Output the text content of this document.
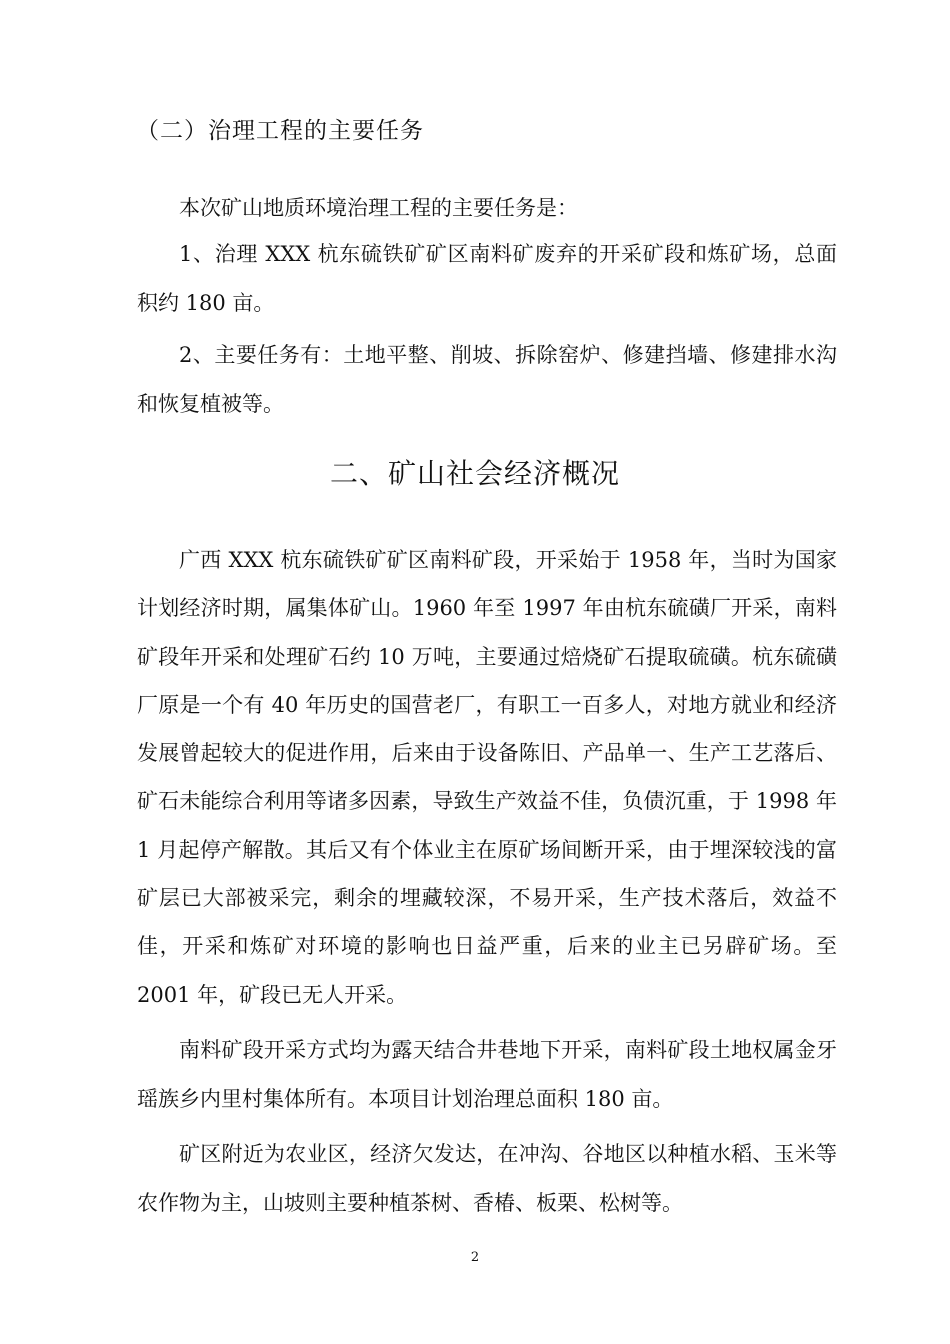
（二）治理工程的主要任务

本次矿山地质环境治理工程的主要任务是：

1、治理 XXX 杭东硫铁矿矿区南料矿废弃的开采矿段和炼矿场，总面积约 180 亩。

2、主要任务有：土地平整、削坡、拆除窑炉、修建挡墙、修建排水沟和恢复植被等。

二、矿山社会经济概况

广西 XXX 杭东硫铁矿矿区南料矿段，开采始于 1958 年，当时为国家计划经济时期，属集体矿山。1960 年至 1997 年由杭东硫磺厂开采，南料矿段年开采和处理矿石约 10 万吨，主要通过焙烧矿石提取硫磺。杭东硫磺厂原是一个有 40 年历史的国营老厂，有职工一百多人，对地方就业和经济发展曾起较大的促进作用，后来由于设备陈旧、产品单一、生产工艺落后、矿石未能综合利用等诸多因素，导致生产效益不佳，负债沉重，于 1998 年 1 月起停产解散。其后又有个体业主在原矿场间断开采，由于埋深较浅的富矿层已大部被采完，剩余的埋藏较深，不易开采，生产技术落后，效益不佳，开采和炼矿对环境的影响也日益严重，后来的业主已另辟矿场。至 2001 年，矿段已无人开采。

南料矿段开采方式均为露天结合井巷地下开采，南料矿段土地权属金牙瑶族乡内里村集体所有。本项目计划治理总面积 180 亩。

矿区附近为农业区，经济欠发达，在冲沟、谷地区以种植水稻、玉米等农作物为主，山坡则主要种植茶树、香椿、板栗、松树等。

2
